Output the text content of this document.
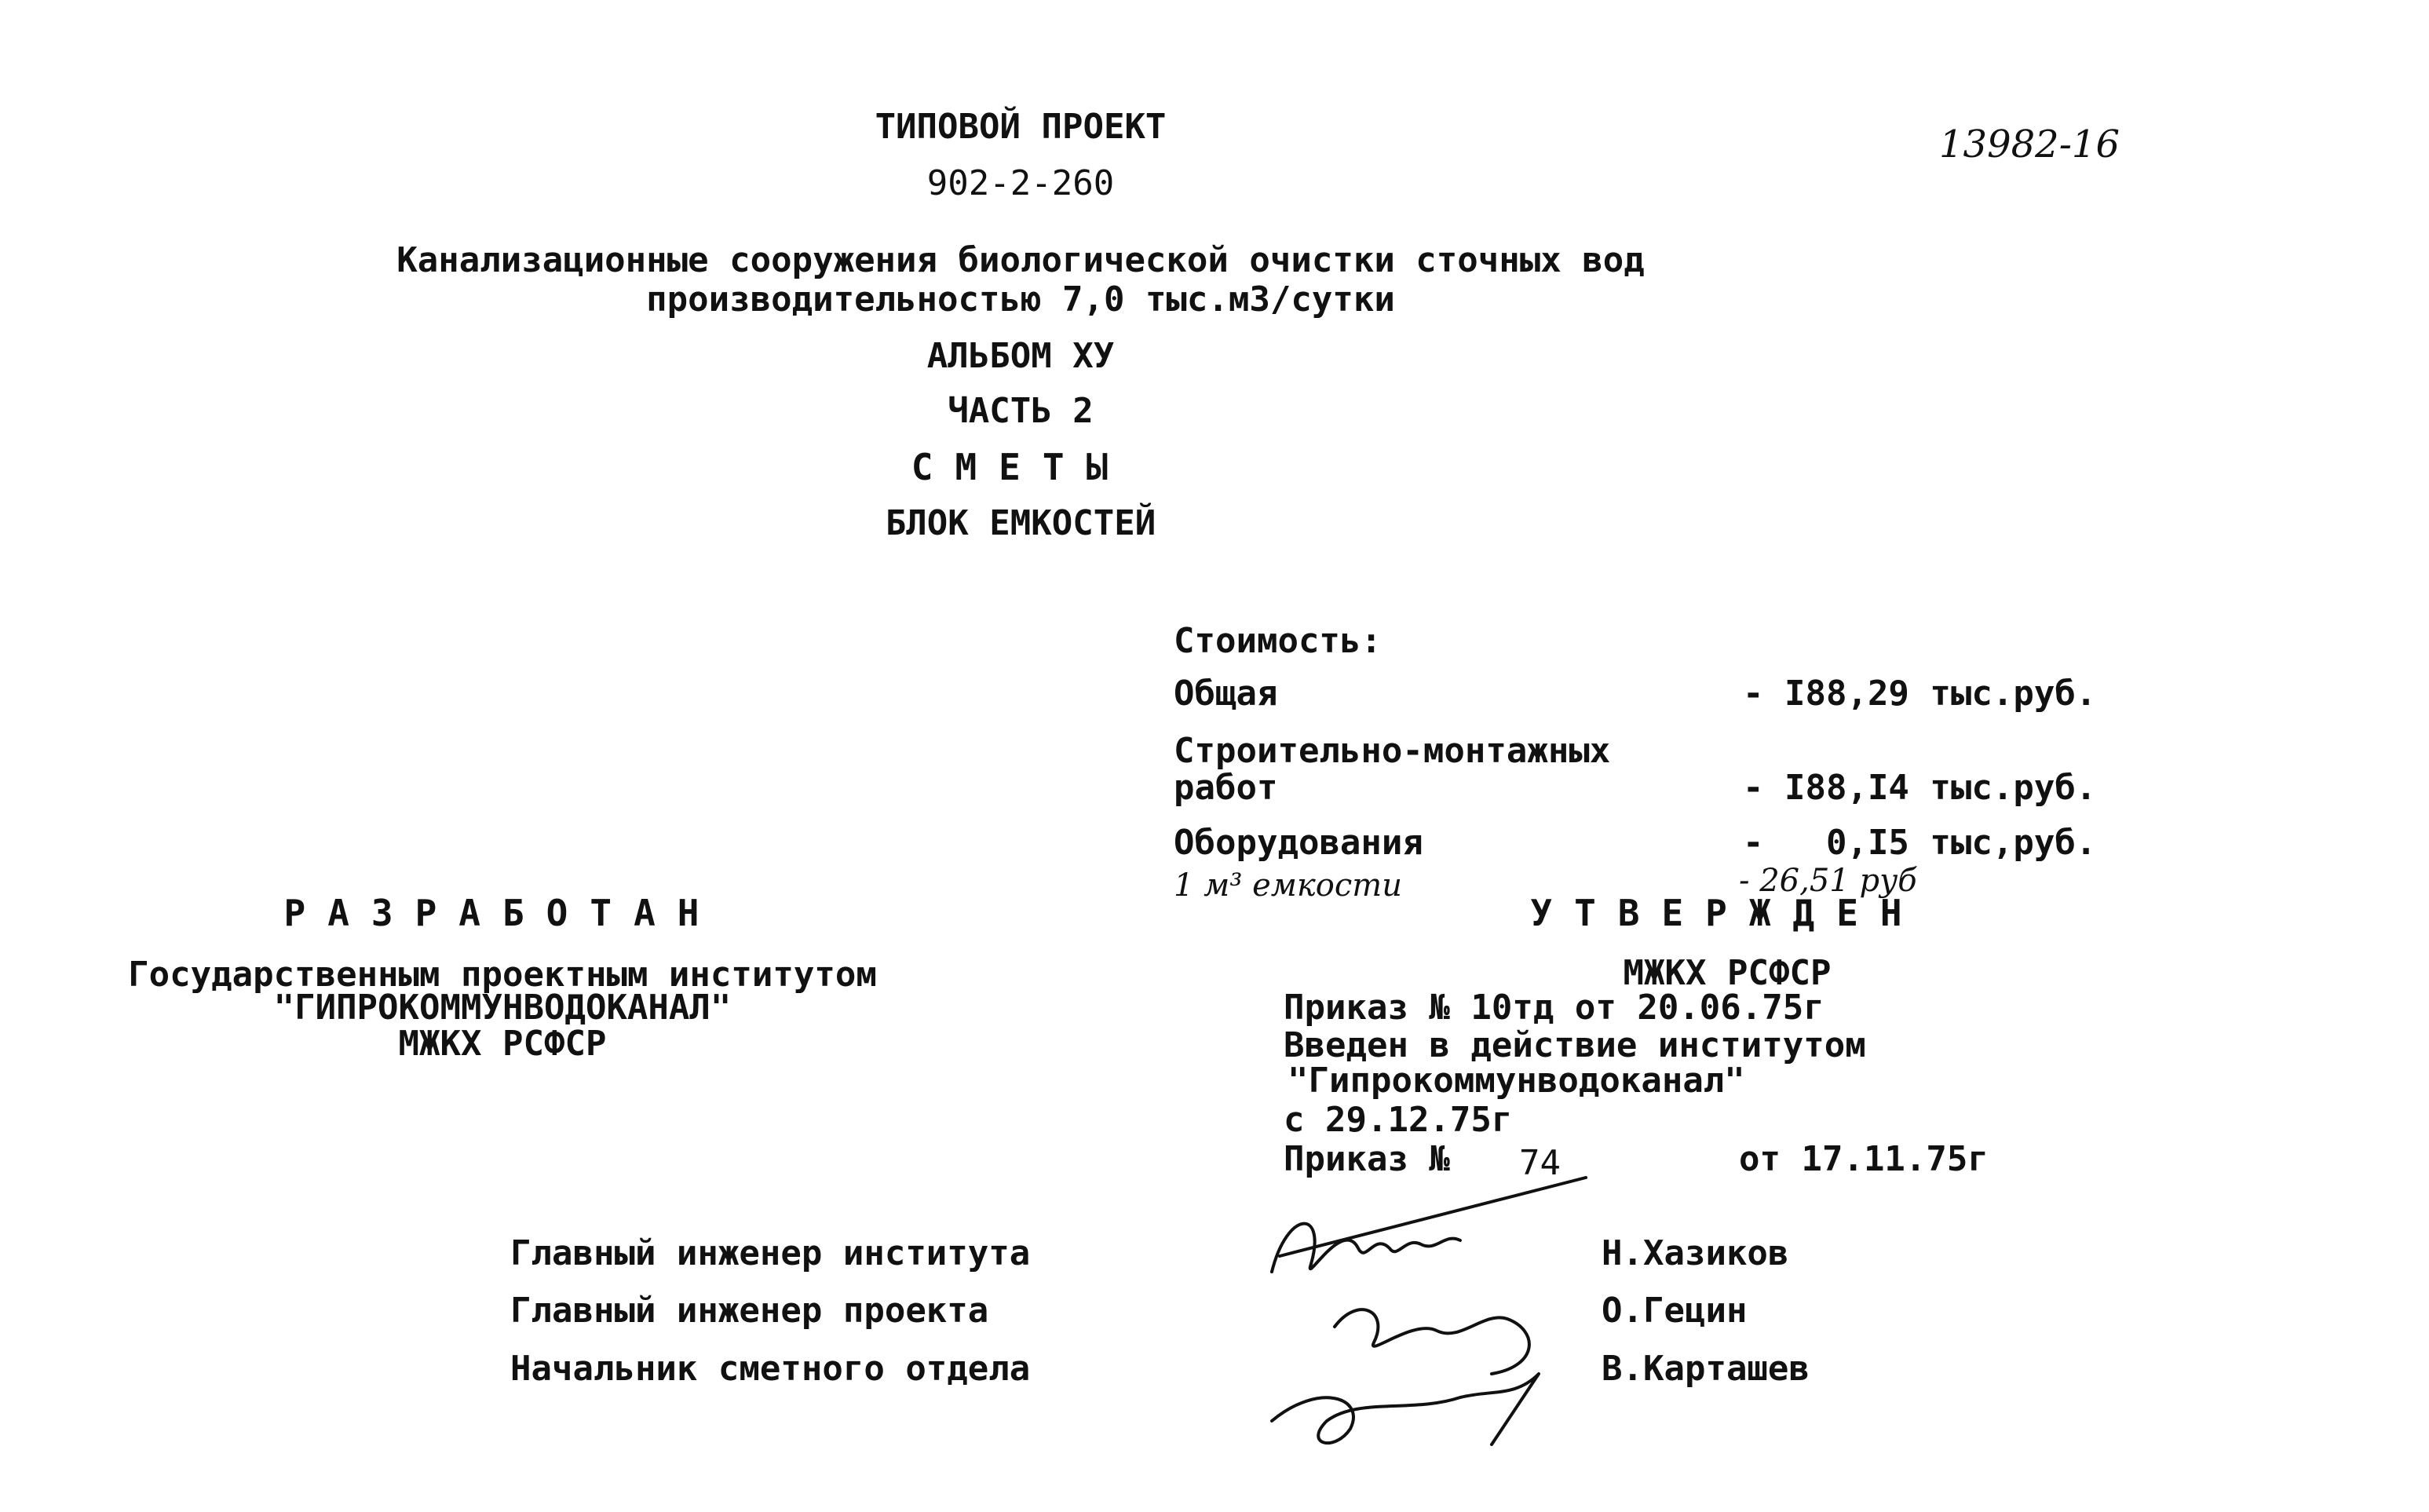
ТИПОВОЙ ПРОЕКТ
902-2-260
13982-16
Канализационные сооружения биологической очистки сточных вод
производительностью 7,0 тыс.м3/сутки
АЛЬБОМ ХУ
ЧАСТЬ 2
СМЕТЫ
БЛОК ЕМКОСТЕЙ
Стоимость:
Общая	- I88,29 тыс.руб.
Строительно-монтажных
работ	- I88,I4 тыс.руб.
Оборудования	-   0,I5 тыс,руб.
1 м³ емкости	- 26,51 руб
РАЗРАБОТАН
Государственным проектным институтом
"ГИПРОКОММУНВОДОКАНАЛ"
МЖКХ РСФСР
УТВЕРЖДЕН
МЖКХ РСФСР
Приказ № 10тд от 20.06.75г
Введен в действие институтом
"Гипрокоммунводоканал"
с 29.12.75г
Приказ № 74	от 17.11.75г
Главный инженер института	Н.Хазиков
Главный инженер проекта	О.Гецин
Начальник сметного отдела	В.Карташев
